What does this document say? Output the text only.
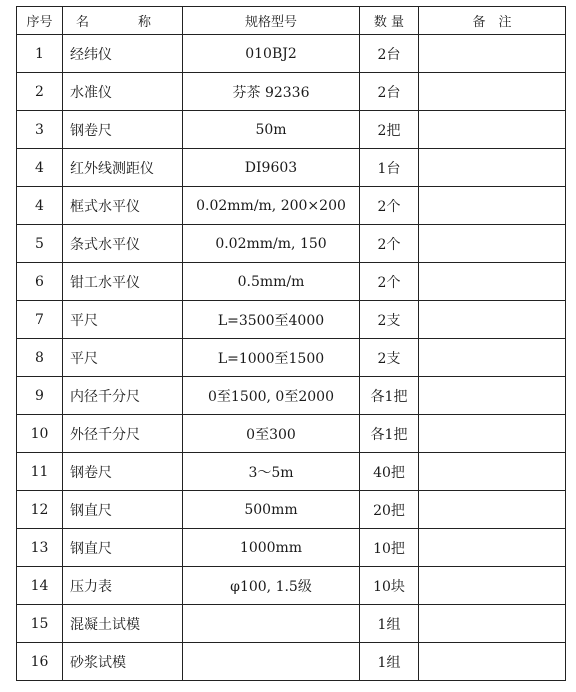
序号	名　称	规格型号	数 量	备　注
1	经纬仪	010BJ2	2台	
2	水准仪	芬茶 92336	2台	
3	钢卷尺	50m	2把	
4	红外线测距仪	DI9603	1台	
4	框式水平仪	0.02mm/m, 200×200	2个	
5	条式水平仪	0.02mm/m, 150	2个	
6	钳工水平仪	0.5mm/m	2个	
7	平尺	L=3500至4000	2支	
8	平尺	L=1000至1500	2支	
9	内径千分尺	0至1500, 0至2000	各1把	
10	外径千分尺	0至300	各1把	
11	钢卷尺	3～5m	40把	
12	钢直尺	500mm	20把	
13	钢直尺	1000mm	10把	
14	压力表	φ100, 1.5级	10块	
15	混凝土试模		1组	
16	砂浆试模		1组	
